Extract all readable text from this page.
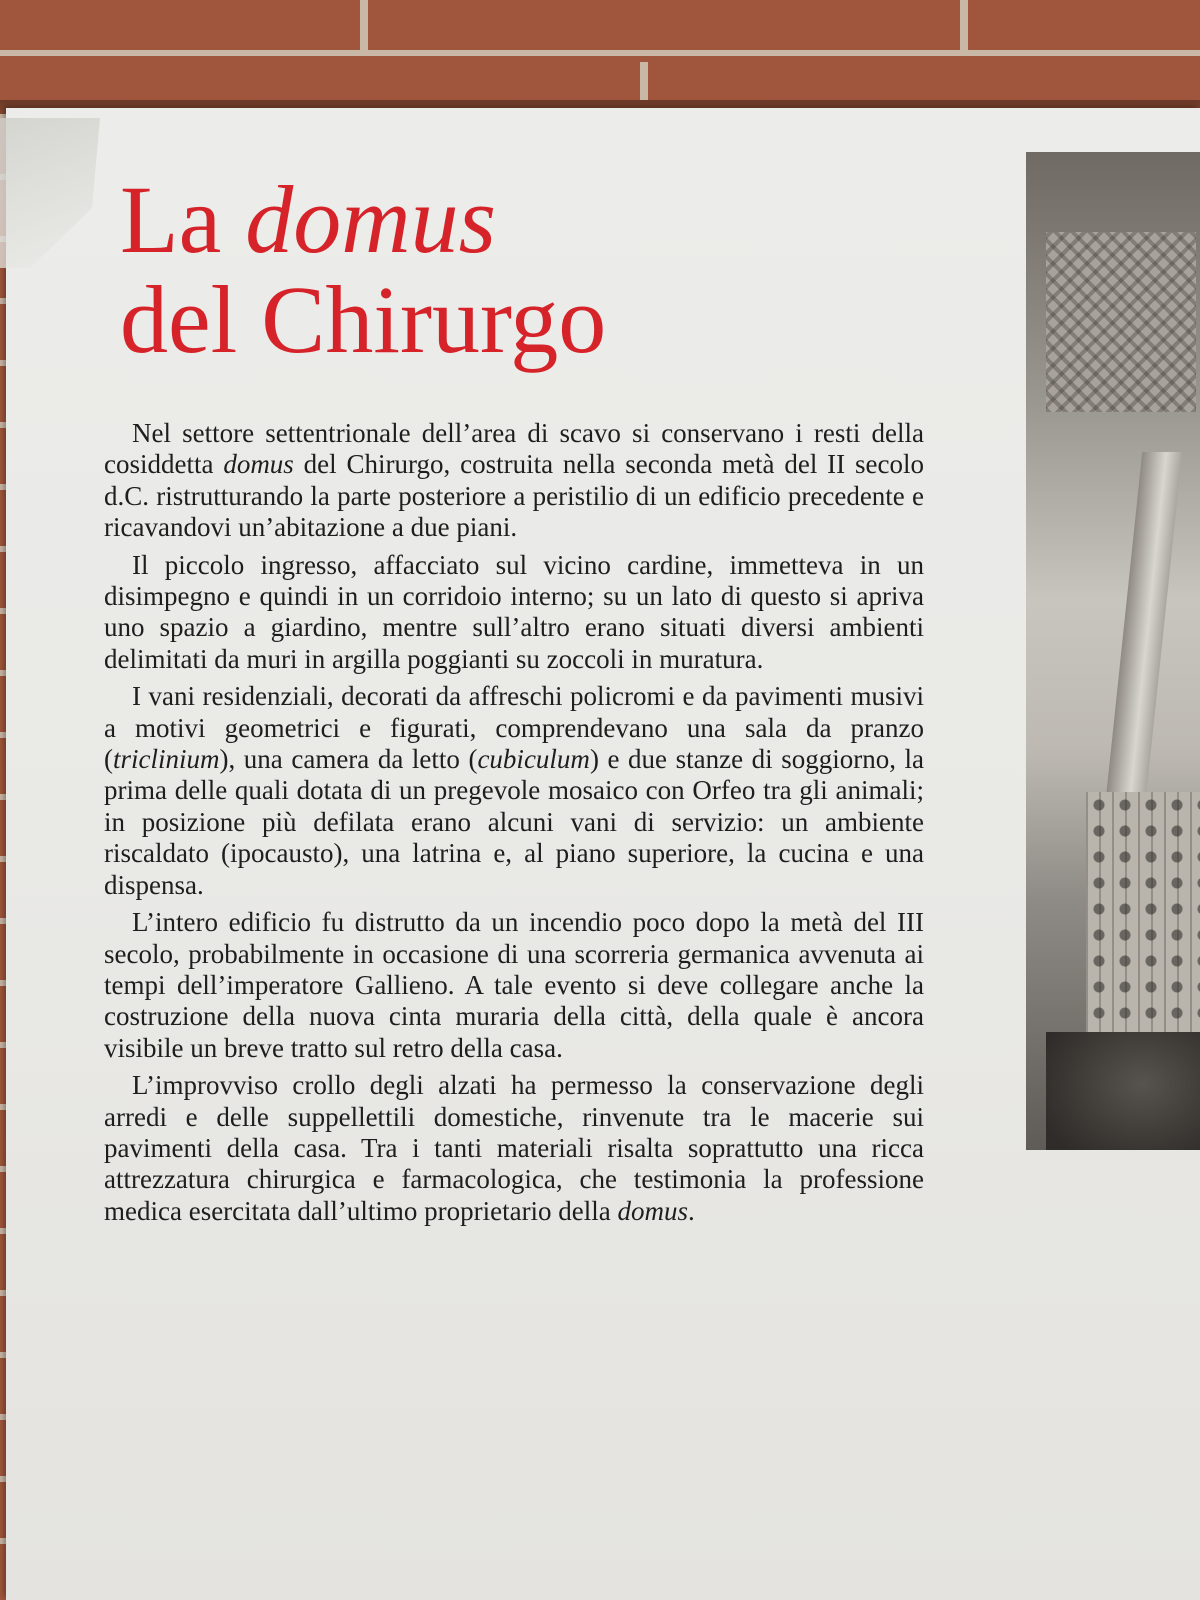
La domus
del Chirurgo

Nel settore settentrionale dell’area di scavo si conservano i resti della cosiddetta domus del Chirurgo, costruita nella seconda metà del II secolo d.C. ristrutturando la parte posteriore a peristilio di un edificio precedente e ricavandovi un’abitazione a due piani.

Il piccolo ingresso, affacciato sul vicino cardine, immetteva in un disimpegno e quindi in un corridoio interno; su un lato di questo si apriva uno spazio a giardino, mentre sull’altro erano situati diversi ambienti delimitati da muri in argilla poggianti su zoccoli in muratura.

I vani residenziali, decorati da affreschi policromi e da pavimenti musivi a motivi geometrici e figurati, comprendevano una sala da pranzo (triclinium), una camera da letto (cubiculum) e due stanze di soggiorno, la prima delle quali dotata di un pregevole mosaico con Orfeo tra gli animali; in posizione più defilata erano alcuni vani di servizio: un ambiente riscaldato (ipocausto), una latrina e, al piano superiore, la cucina e una dispensa.

L’intero edificio fu distrutto da un incendio poco dopo la metà del III secolo, probabilmente in occasione di una scorreria germanica avvenuta ai tempi dell’imperatore Gallieno. A tale evento si deve collegare anche la costruzione della nuova cinta muraria della città, della quale è ancora visibile un breve tratto sul retro della casa.

L’improvviso crollo degli alzati ha permesso la conservazione degli arredi e delle suppellettili domestiche, rinvenute tra le macerie sui pavimenti della casa. Tra i tanti materiali risalta soprattutto una ricca attrezzatura chirurgica e farmacologica, che testimonia la professione medica esercitata dall’ultimo proprietario della domus.
